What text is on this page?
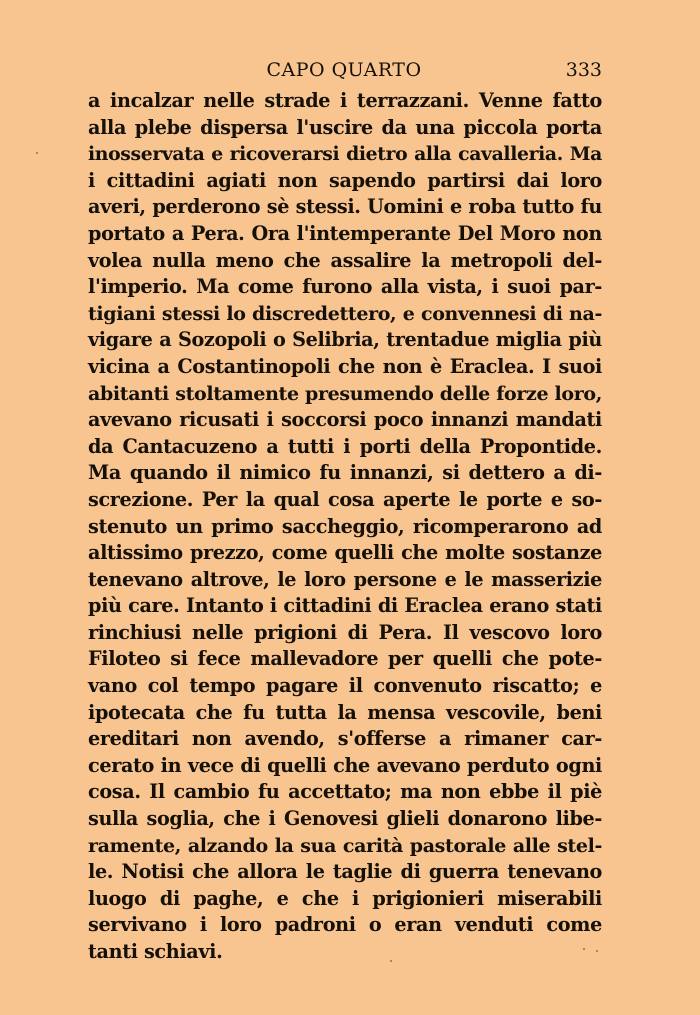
CAPO QUARTO	333
a incalzar nelle strade i terrazzani. Venne fatto
alla plebe dispersa l'uscire da una piccola porta
inosservata e ricoverarsi dietro alla cavalleria. Ma
i cittadini agiati non sapendo partirsi dai loro
averi, perderono sè stessi. Uomini e roba tutto fu
portato a Pera. Ora l'intemperante Del Moro non
volea nulla meno che assalire la metropoli del-
l'imperio. Ma come furono alla vista, i suoi par-
tigiani stessi lo discredettero, e convennesi di na-
vigare a Sozopoli o Selibria, trentadue miglia più
vicina a Costantinopoli che non è Eraclea. I suoi
abitanti stoltamente presumendo delle forze loro,
avevano ricusati i soccorsi poco innanzi mandati
da Cantacuzeno a tutti i porti della Propontide.
Ma quando il nimico fu innanzi, si dettero a di-
screzione. Per la qual cosa aperte le porte e so-
stenuto un primo saccheggio, ricomperarono ad
altissimo prezzo, come quelli che molte sostanze
tenevano altrove, le loro persone e le masserizie
più care. Intanto i cittadini di Eraclea erano stati
rinchiusi nelle prigioni di Pera. Il vescovo loro
Filoteo si fece mallevadore per quelli che pote-
vano col tempo pagare il convenuto riscatto; e
ipotecata che fu tutta la mensa vescovile, beni
ereditari non avendo, s'offerse a rimaner car-
cerato in vece di quelli che avevano perduto ogni
cosa. Il cambio fu accettato; ma non ebbe il piè
sulla soglia, che i Genovesi glieli donarono libe-
ramente, alzando la sua carità pastorale alle stel-
le. Notisi che allora le taglie di guerra tenevano
luogo di paghe, e che i prigionieri miserabili
servivano i loro padroni o eran venduti come
tanti schiavi.
